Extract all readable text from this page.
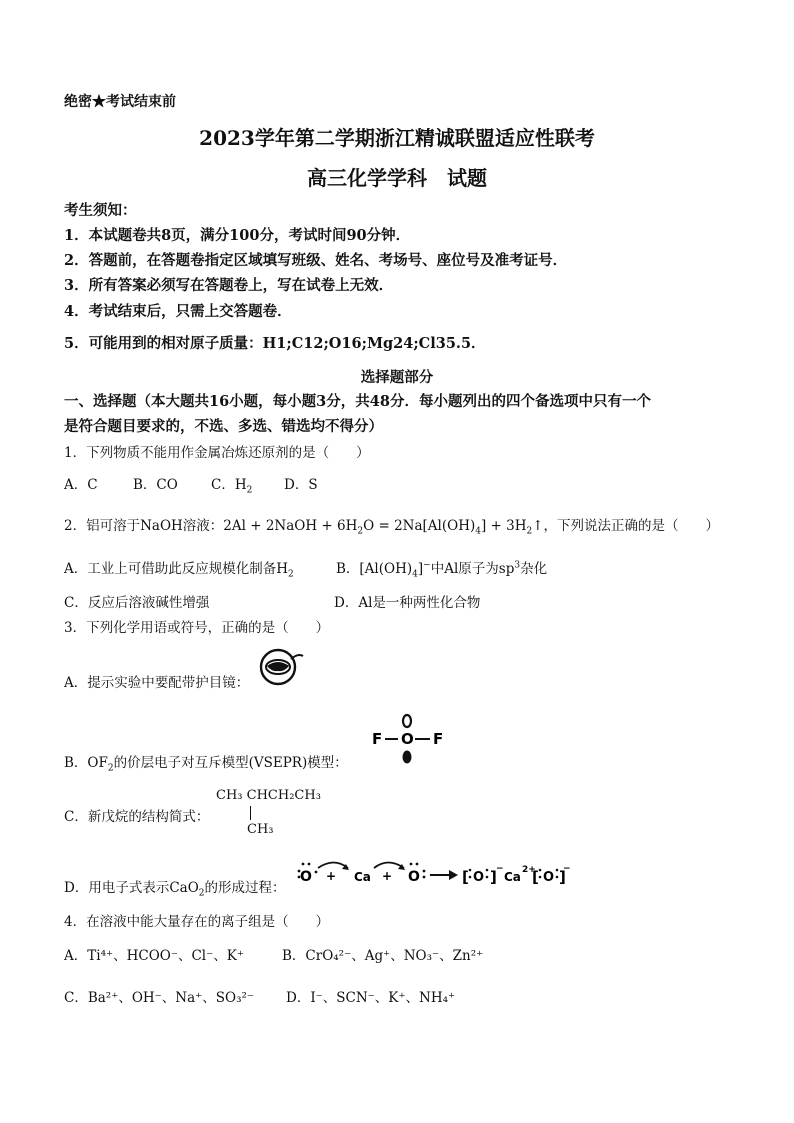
绝密★考试结束前
2023学年第二学期浙江精诚联盟适应性联考
高三化学学科　试题
考生须知：
1．本试题卷共8页，满分100分，考试时间90分钟．
2．答题前，在答题卷指定区域填写班级、姓名、考场号、座位号及准考证号．
3．所有答案必须写在答题卷上，写在试卷上无效．
4．考试结束后，只需上交答题卷．
5．可能用到的相对原子质量：H1;C12;O16;Mg24;Cl35.5．
选择题部分
一、选择题（本大题共16小题，每小题3分，共48分．每小题列出的四个备选项中只有一个
是符合题目要求的，不选、多选、错选均不得分）
1．下列物质不能用作金属冶炼还原剂的是（　　）
A．C	B．CO C．$H_2$ D．S
2．铝可溶于NaOH溶液：2Al + 2NaOH + $6H_2O = 2Na[Al(OH)_4]$ + $3H_2↑$，下列说法正确的是（　　）
A．工业上可借助此反应规模化制备$H_2$	B．$[Al(OH)_4]^-$中Al原子为$sp^3$杂化
C．反应后溶液碱性增强	D．Al是一种两性化合物
3．下列化学用语或符号，正确的是（　　）
A．提示实验中要配带护目镜：
B．$OF_2$的价层电子对互斥模型(VSEPR)模型：
F O F
C．新戊烷的结构简式：
CH₃ CHCH₂CH₃
CH₃
D．用电子式表示CaO$_2$的形成过程：
O + Ca + O	[ O ] −
Ca 2+
[ O ]
−
4．在溶液中能大量存在的离子组是（　　）
A．Ti⁴⁺、HCOO⁻、Cl⁻、K⁺	B．CrO₄²⁻、Ag⁺、NO₃⁻、Zn²⁺
C．Ba²⁺、OH⁻、Na⁺、SO₃²⁻ D．I⁻、SCN⁻、K⁺、NH₄⁺
